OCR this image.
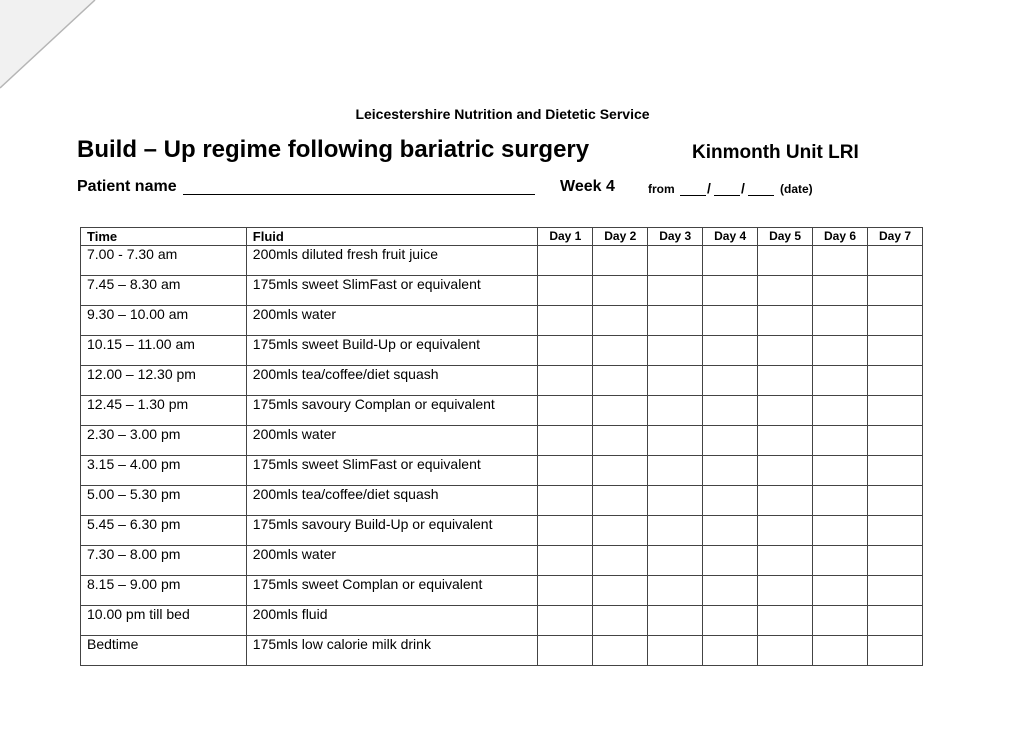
Leicestershire Nutrition and Dietetic Service
Build – Up regime following bariatric surgery	Kinmonth Unit LRI
Patient name	Week 4	from / /	(date)
Time	Fluid	Day 1	Day 2	Day 3	Day 4	Day 5	Day 6	Day 7
7.00 - 7.30 am	200mls diluted fresh fruit juice							
7.45 – 8.30 am	175mls sweet SlimFast or equivalent							
9.30 – 10.00 am	200mls water							
10.15 – 11.00 am	175mls sweet Build-Up or equivalent							
12.00 – 12.30 pm	200mls tea/coffee/diet squash							
12.45 – 1.30 pm	175mls savoury Complan or equivalent							
2.30 – 3.00 pm	200mls water							
3.15 – 4.00 pm	175mls sweet SlimFast or equivalent							
5.00 – 5.30 pm	200mls tea/coffee/diet squash							
5.45 – 6.30 pm	175mls savoury Build-Up or equivalent							
7.30 – 8.00 pm	200mls water							
8.15 – 9.00 pm	175mls sweet Complan or equivalent							
10.00 pm till bed	200mls fluid							
Bedtime	175mls low calorie milk drink							
